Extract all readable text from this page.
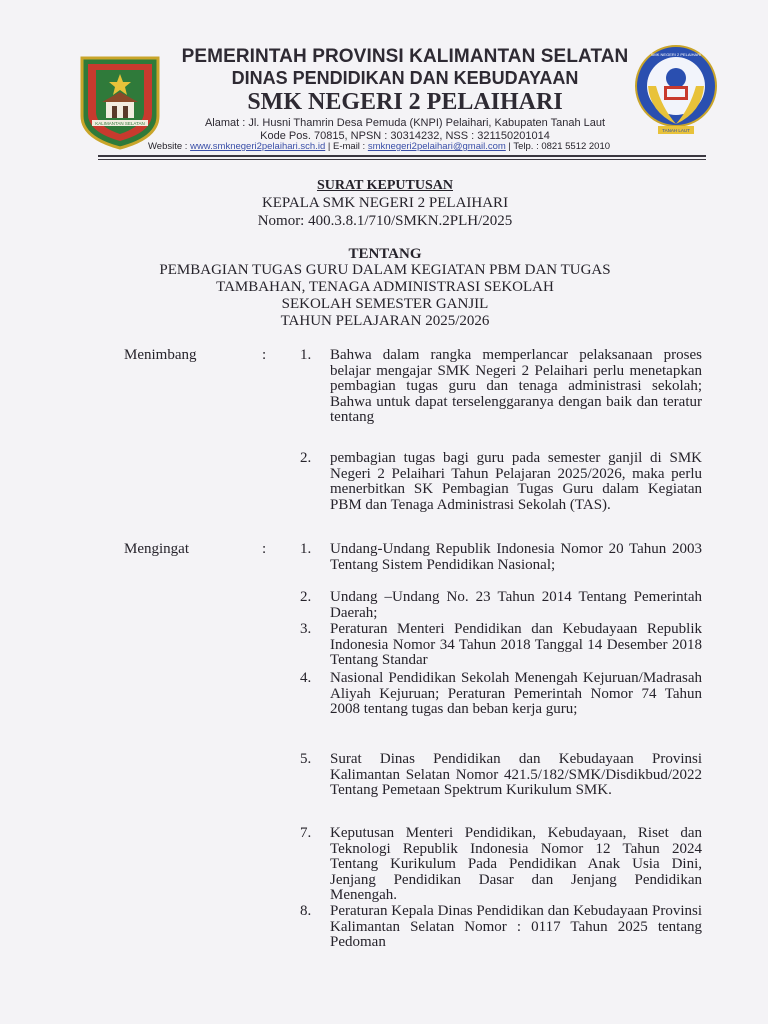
KALIMANTAN SELATAN
SMK NEGERI 2 PELAIHARI
TANAH LAUT
PEMERINTAH PROVINSI KALIMANTAN SELATAN
DINAS PENDIDIKAN DAN KEBUDAYAAN
SMK NEGERI 2 PELAIHARI
Alamat : Jl. Husni Thamrin Desa Pemuda (KNPI) Pelaihari, Kabupaten Tanah Laut
Kode Pos. 70815, NPSN : 30314232, NSS : 321150201014
Website : www.smknegeri2pelaihari.sch.id | E-mail : smknegeri2pelaihari@gmail.com | Telp. : 0821 5512 2010
SURAT KEPUTUSAN
KEPALA SMK NEGERI 2 PELAIHARI
Nomor: 400.3.8.1/710/SMKN.2PLH/2025
TENTANG
PEMBAGIAN TUGAS GURU DALAM KEGIATAN PBM DAN TUGAS
TAMBAHAN, TENAGA ADMINISTRASI SEKOLAH
SEKOLAH SEMESTER GANJIL
TAHUN PELAJARAN 2025/2026
Menimbang	: 1.	Bahwa dalam rangka memperlancar pelaksanaan proses belajar mengajar SMK Negeri 2 Pelaihari perlu menetapkan pembagian tugas guru dan tenaga administrasi sekolah; Bahwa untuk dapat terselenggaranya dengan baik dan teratur tentang
2.	pembagian tugas bagi guru pada semester ganjil di SMK Negeri 2 Pelaihari Tahun Pelajaran 2025/2026, maka perlu menerbitkan SK Pembagian Tugas Guru dalam Kegiatan PBM dan Tenaga Administrasi Sekolah (TAS).
Mengingat	: 1.	Undang-Undang Republik Indonesia Nomor 20 Tahun 2003 Tentang Sistem Pendidikan Nasional;
2.	Undang –Undang No. 23 Tahun 2014 Tentang Pemerintah Daerah;
3.	Peraturan Menteri Pendidikan dan Kebudayaan Republik Indonesia Nomor 34 Tahun 2018 Tanggal 14 Desember 2018 Tentang Standar
4.	Nasional Pendidikan Sekolah Menengah Kejuruan/Madrasah Aliyah Kejuruan; Peraturan Pemerintah Nomor 74 Tahun 2008 tentang tugas dan beban kerja guru;
5.	Surat Dinas Pendidikan dan Kebudayaan Provinsi Kalimantan Selatan Nomor 421.5/182/SMK/Disdikbud/2022 Tentang Pemetaan Spektrum Kurikulum SMK.
7.	Keputusan Menteri Pendidikan, Kebudayaan, Riset dan Teknologi Republik Indonesia Nomor 12 Tahun 2024 Tentang Kurikulum Pada Pendidikan Anak Usia Dini, Jenjang Pendidikan Dasar dan Jenjang Pendidikan Menengah.
8.	Peraturan Kepala Dinas Pendidikan dan Kebudayaan Provinsi Kalimantan Selatan Nomor : 0117 Tahun 2025 tentang Pedoman
